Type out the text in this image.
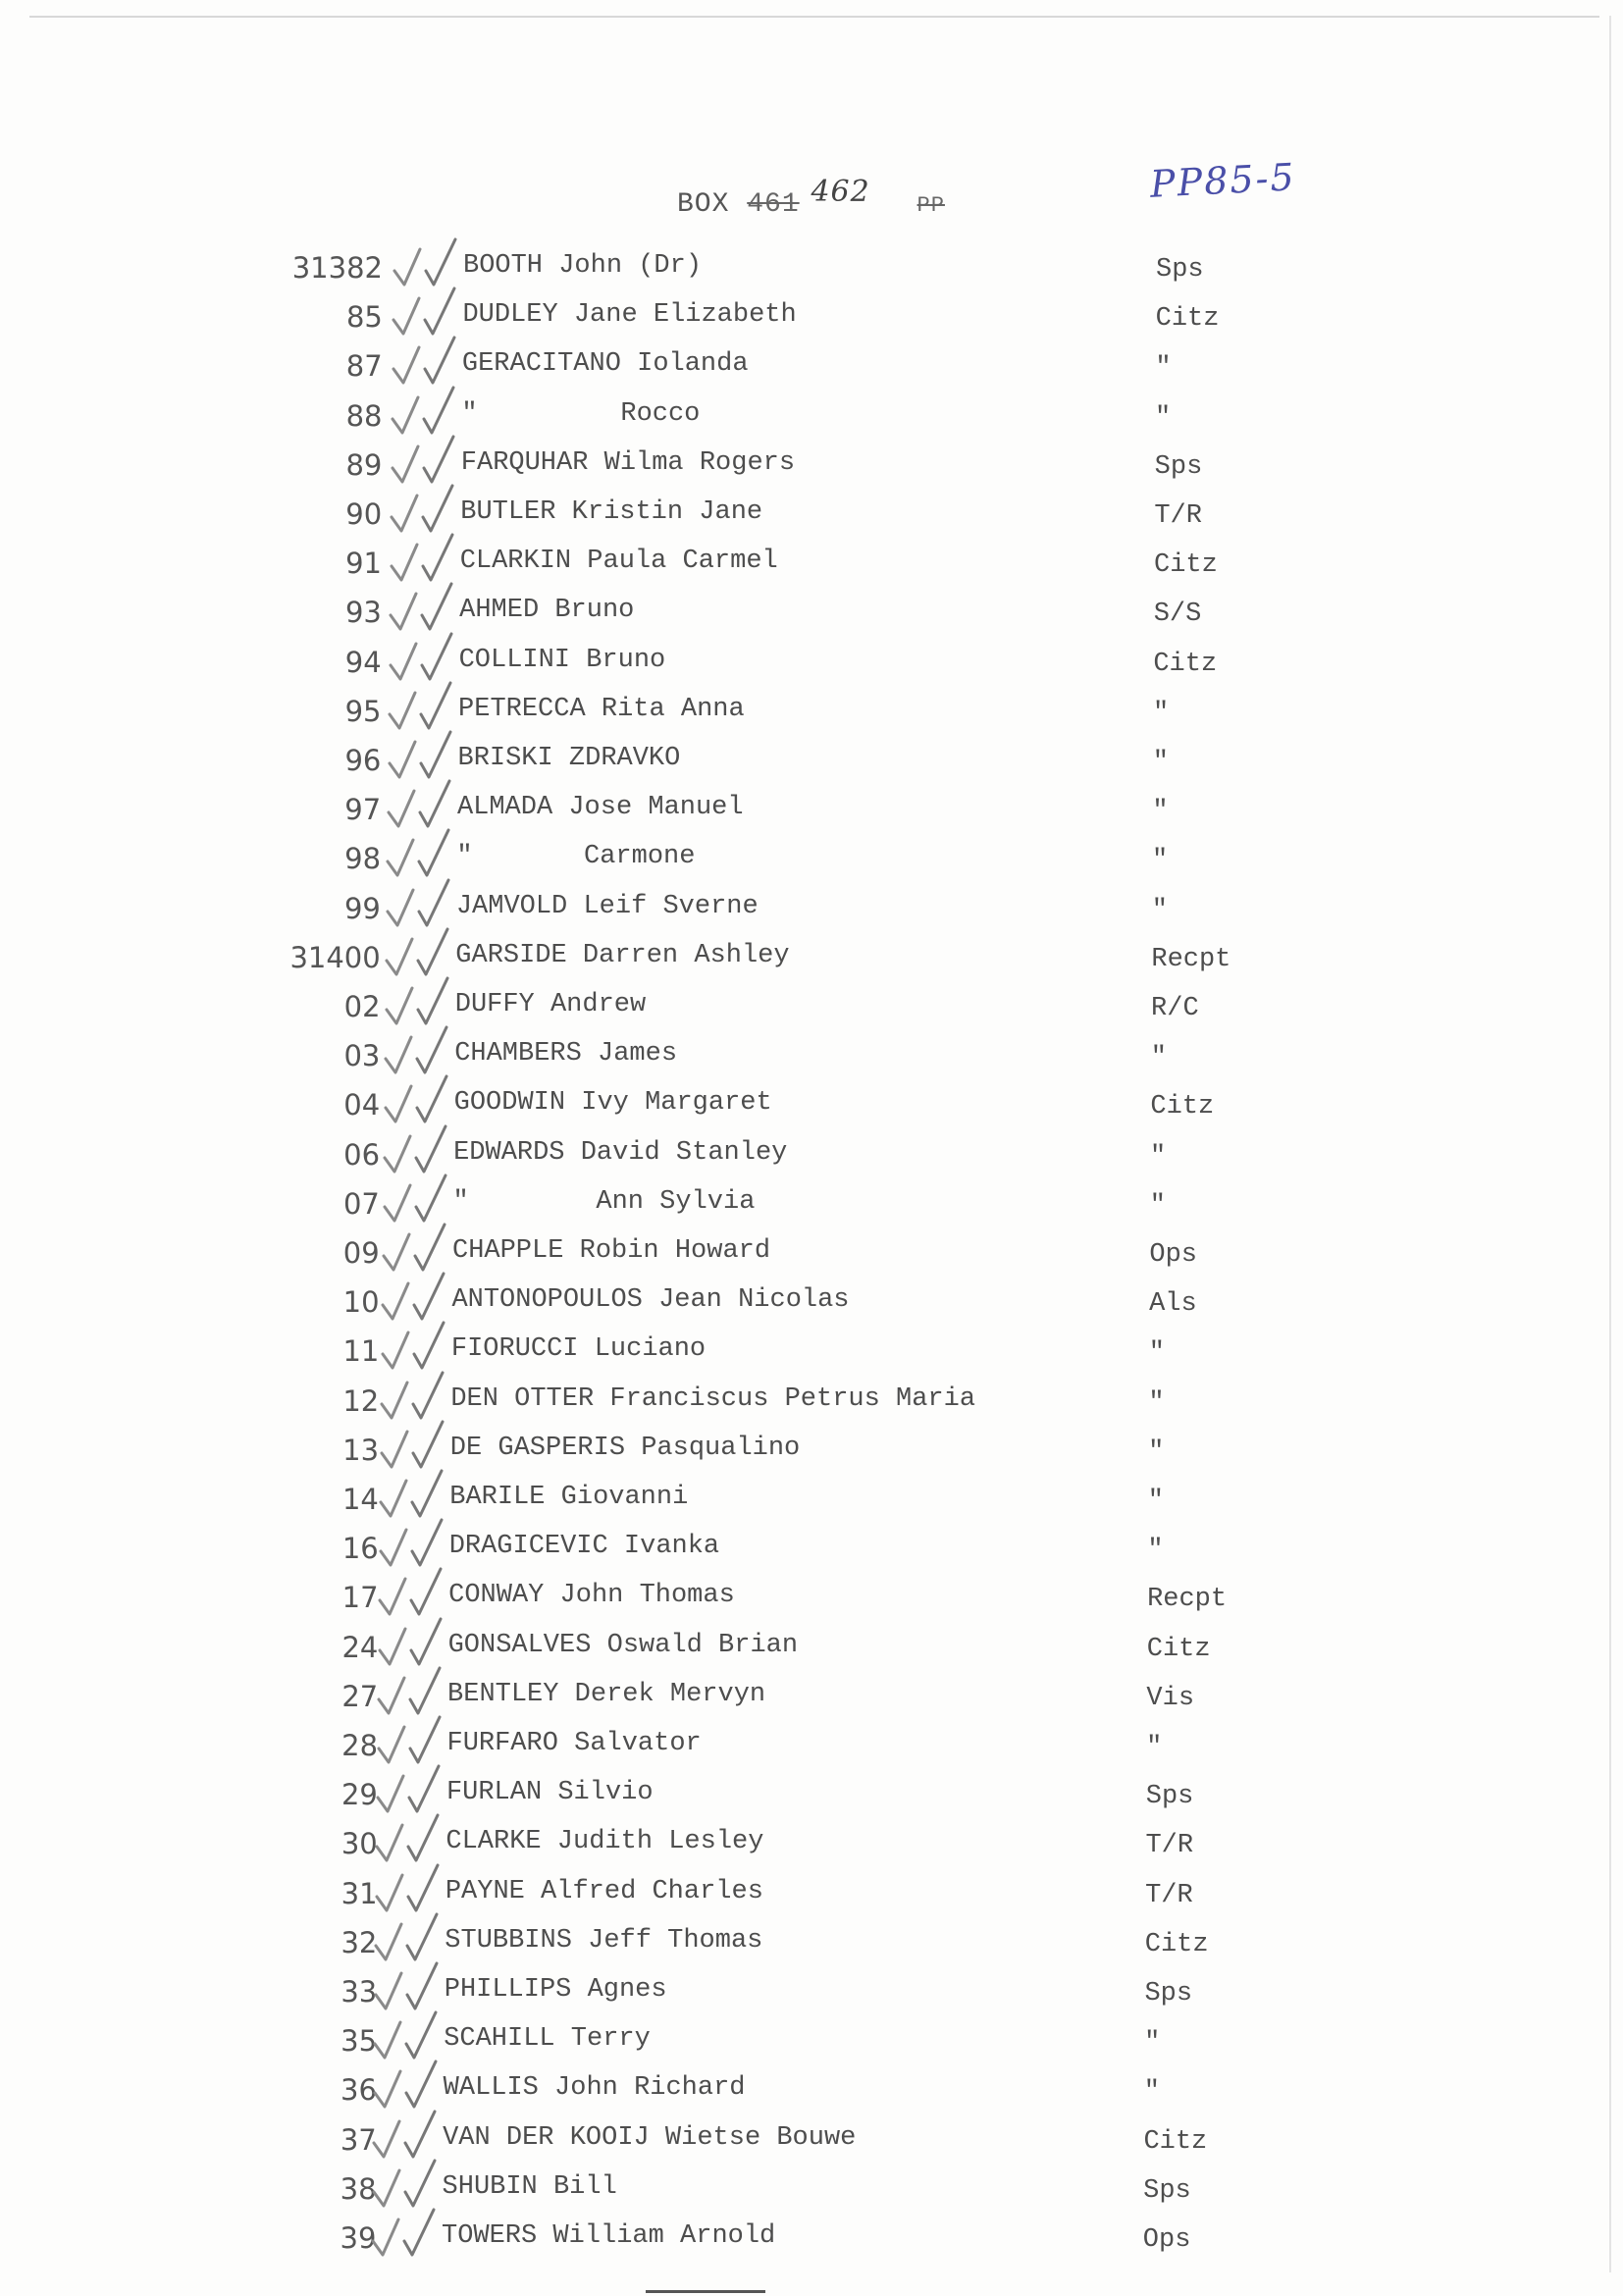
BOX 461 462 PP	PP85-5
31382	BOOTH John (Dr)	Sps
85	DUDLEY Jane Elizabeth	Citz
87	GERACITANO Iolanda	"
88	"         Rocco	"
89	FARQUHAR Wilma Rogers	Sps
90	BUTLER Kristin Jane	T/R
91	CLARKIN Paula Carmel	Citz
93	AHMED Bruno	S/S
94	COLLINI Bruno	Citz
95	PETRECCA Rita Anna	"
96	BRISKI ZDRAVKO	"
97	ALMADA Jose Manuel	"
98	"       Carmone	"
99	JAMVOLD Leif Sverne	"
31400	GARSIDE Darren Ashley	Recpt
02	DUFFY Andrew	R/C
03	CHAMBERS James	"
04	GOODWIN Ivy Margaret	Citz
06	EDWARDS David Stanley	"
07	"        Ann Sylvia	"
09	CHAPPLE Robin Howard	Ops
10	ANTONOPOULOS Jean Nicolas	Als
11	FIORUCCI Luciano	"
12	DEN OTTER Franciscus Petrus Maria	"
13	DE GASPERIS Pasqualino	"
14	BARILE Giovanni	"
16	DRAGICEVIC Ivanka	"
17	CONWAY John Thomas	Recpt
24	GONSALVES Oswald Brian	Citz
27	BENTLEY Derek Mervyn	Vis
28	FURFARO Salvator	"
29	FURLAN Silvio	Sps
30	CLARKE Judith Lesley	T/R
31	PAYNE Alfred Charles	T/R
32	STUBBINS Jeff Thomas	Citz
33	PHILLIPS Agnes	Sps
35	SCAHILL Terry	"
36	WALLIS John Richard	"
37 VAN DER KOOIJ Wietse Bouwe	Citz
38 SHUBIN Bill	Sps
39 TOWERS William Arnold	Ops
